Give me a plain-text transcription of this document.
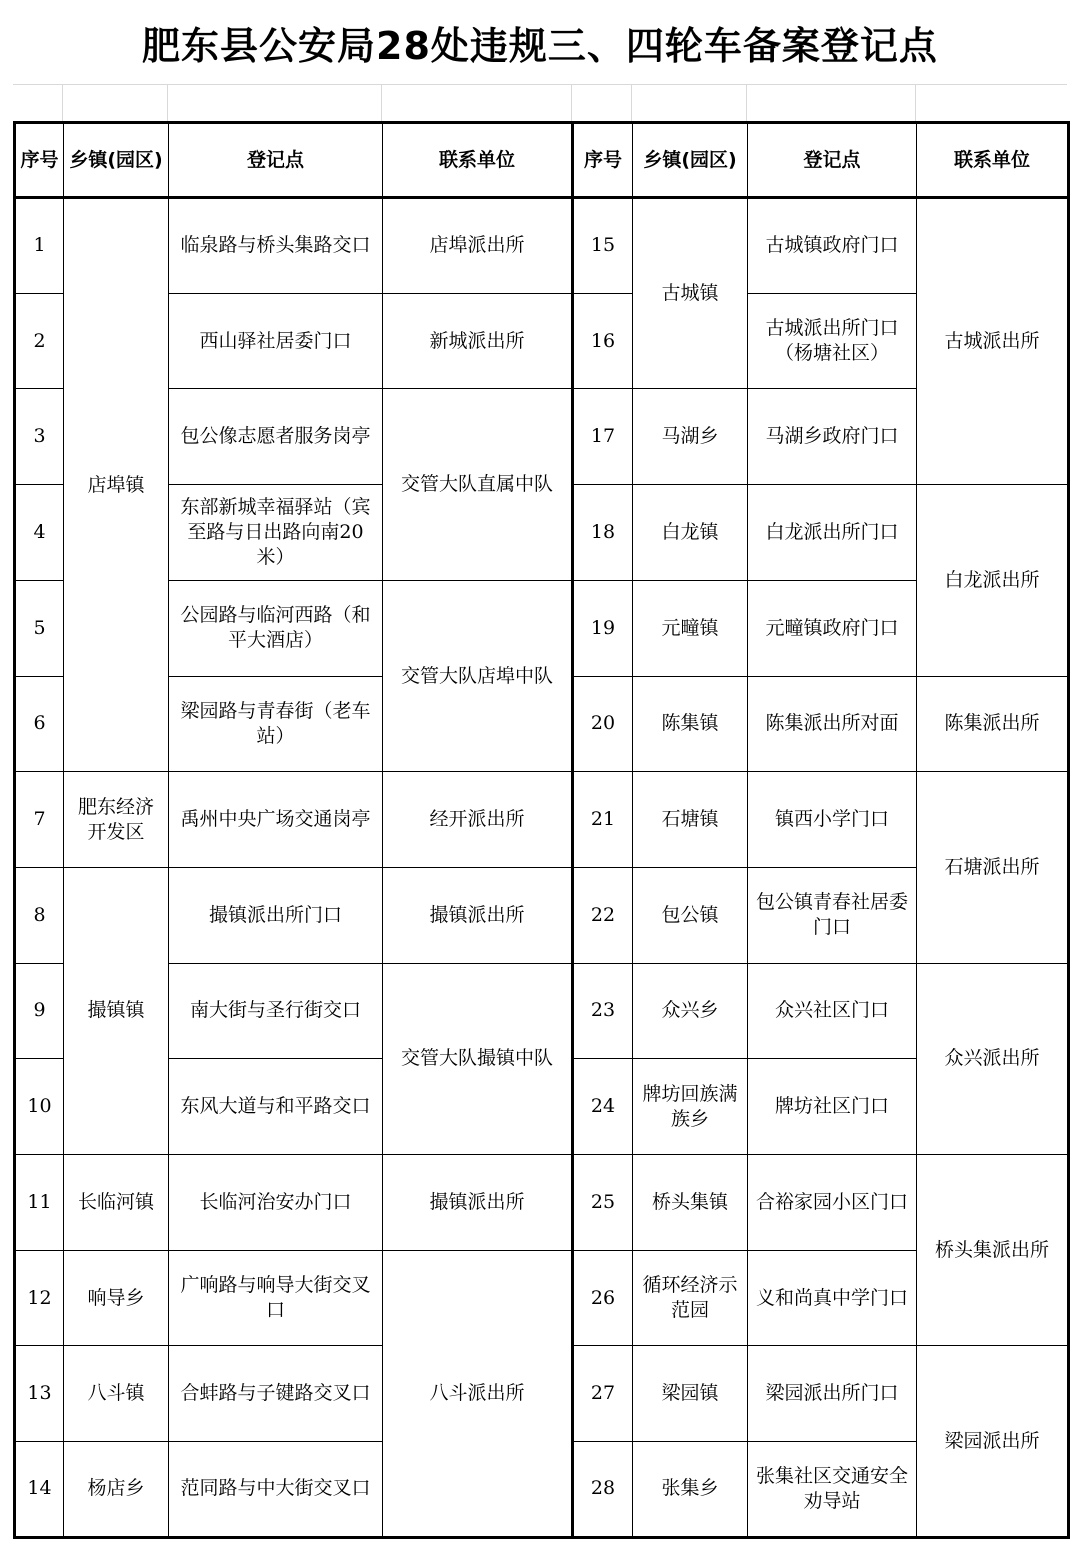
肥东县公安局28处违规三、四轮车备案登记点
序号	乡镇(园区)	登记点	联系单位	序号	乡镇(园区)	登记点	联系单位
1	店埠镇	临泉路与桥头集路交口	店埠派出所	15	古城镇	古城镇政府门口	古城派出所
2		西山驿社居委门口	新城派出所	16		古城派出所门口（杨塘社区）	
3		包公像志愿者服务岗亭	交管大队直属中队	17	马湖乡	马湖乡政府门口	
4		东部新城幸福驿站（宾至路与日出路向南20米）		18	白龙镇	白龙派出所门口	白龙派出所
5		公园路与临河西路（和平大酒店）	交管大队店埠中队	19	元疃镇	元疃镇政府门口	
6		梁园路与青春街（老车站）		20	陈集镇	陈集派出所对面	陈集派出所
7	肥东经济开发区	禹州中央广场交通岗亭	经开派出所	21	石塘镇	镇西小学门口	石塘派出所
8	撮镇镇	撮镇派出所门口	撮镇派出所	22	包公镇	包公镇青春社居委门口	
9		南大街与圣行街交口	交管大队撮镇中队	23	众兴乡	众兴社区门口	众兴派出所
10		东风大道与和平路交口		24	牌坊回族满族乡	牌坊社区门口	
11	长临河镇	长临河治安办门口	撮镇派出所	25	桥头集镇	合裕家园小区门口	桥头集派出所
12	响导乡	广响路与响导大街交叉口	八斗派出所	26	循环经济示范园	义和尚真中学门口	
13	八斗镇	合蚌路与子键路交叉口		27	梁园镇	梁园派出所门口	梁园派出所
14	杨店乡	范同路与中大街交叉口		28	张集乡	张集社区交通安全劝导站	
